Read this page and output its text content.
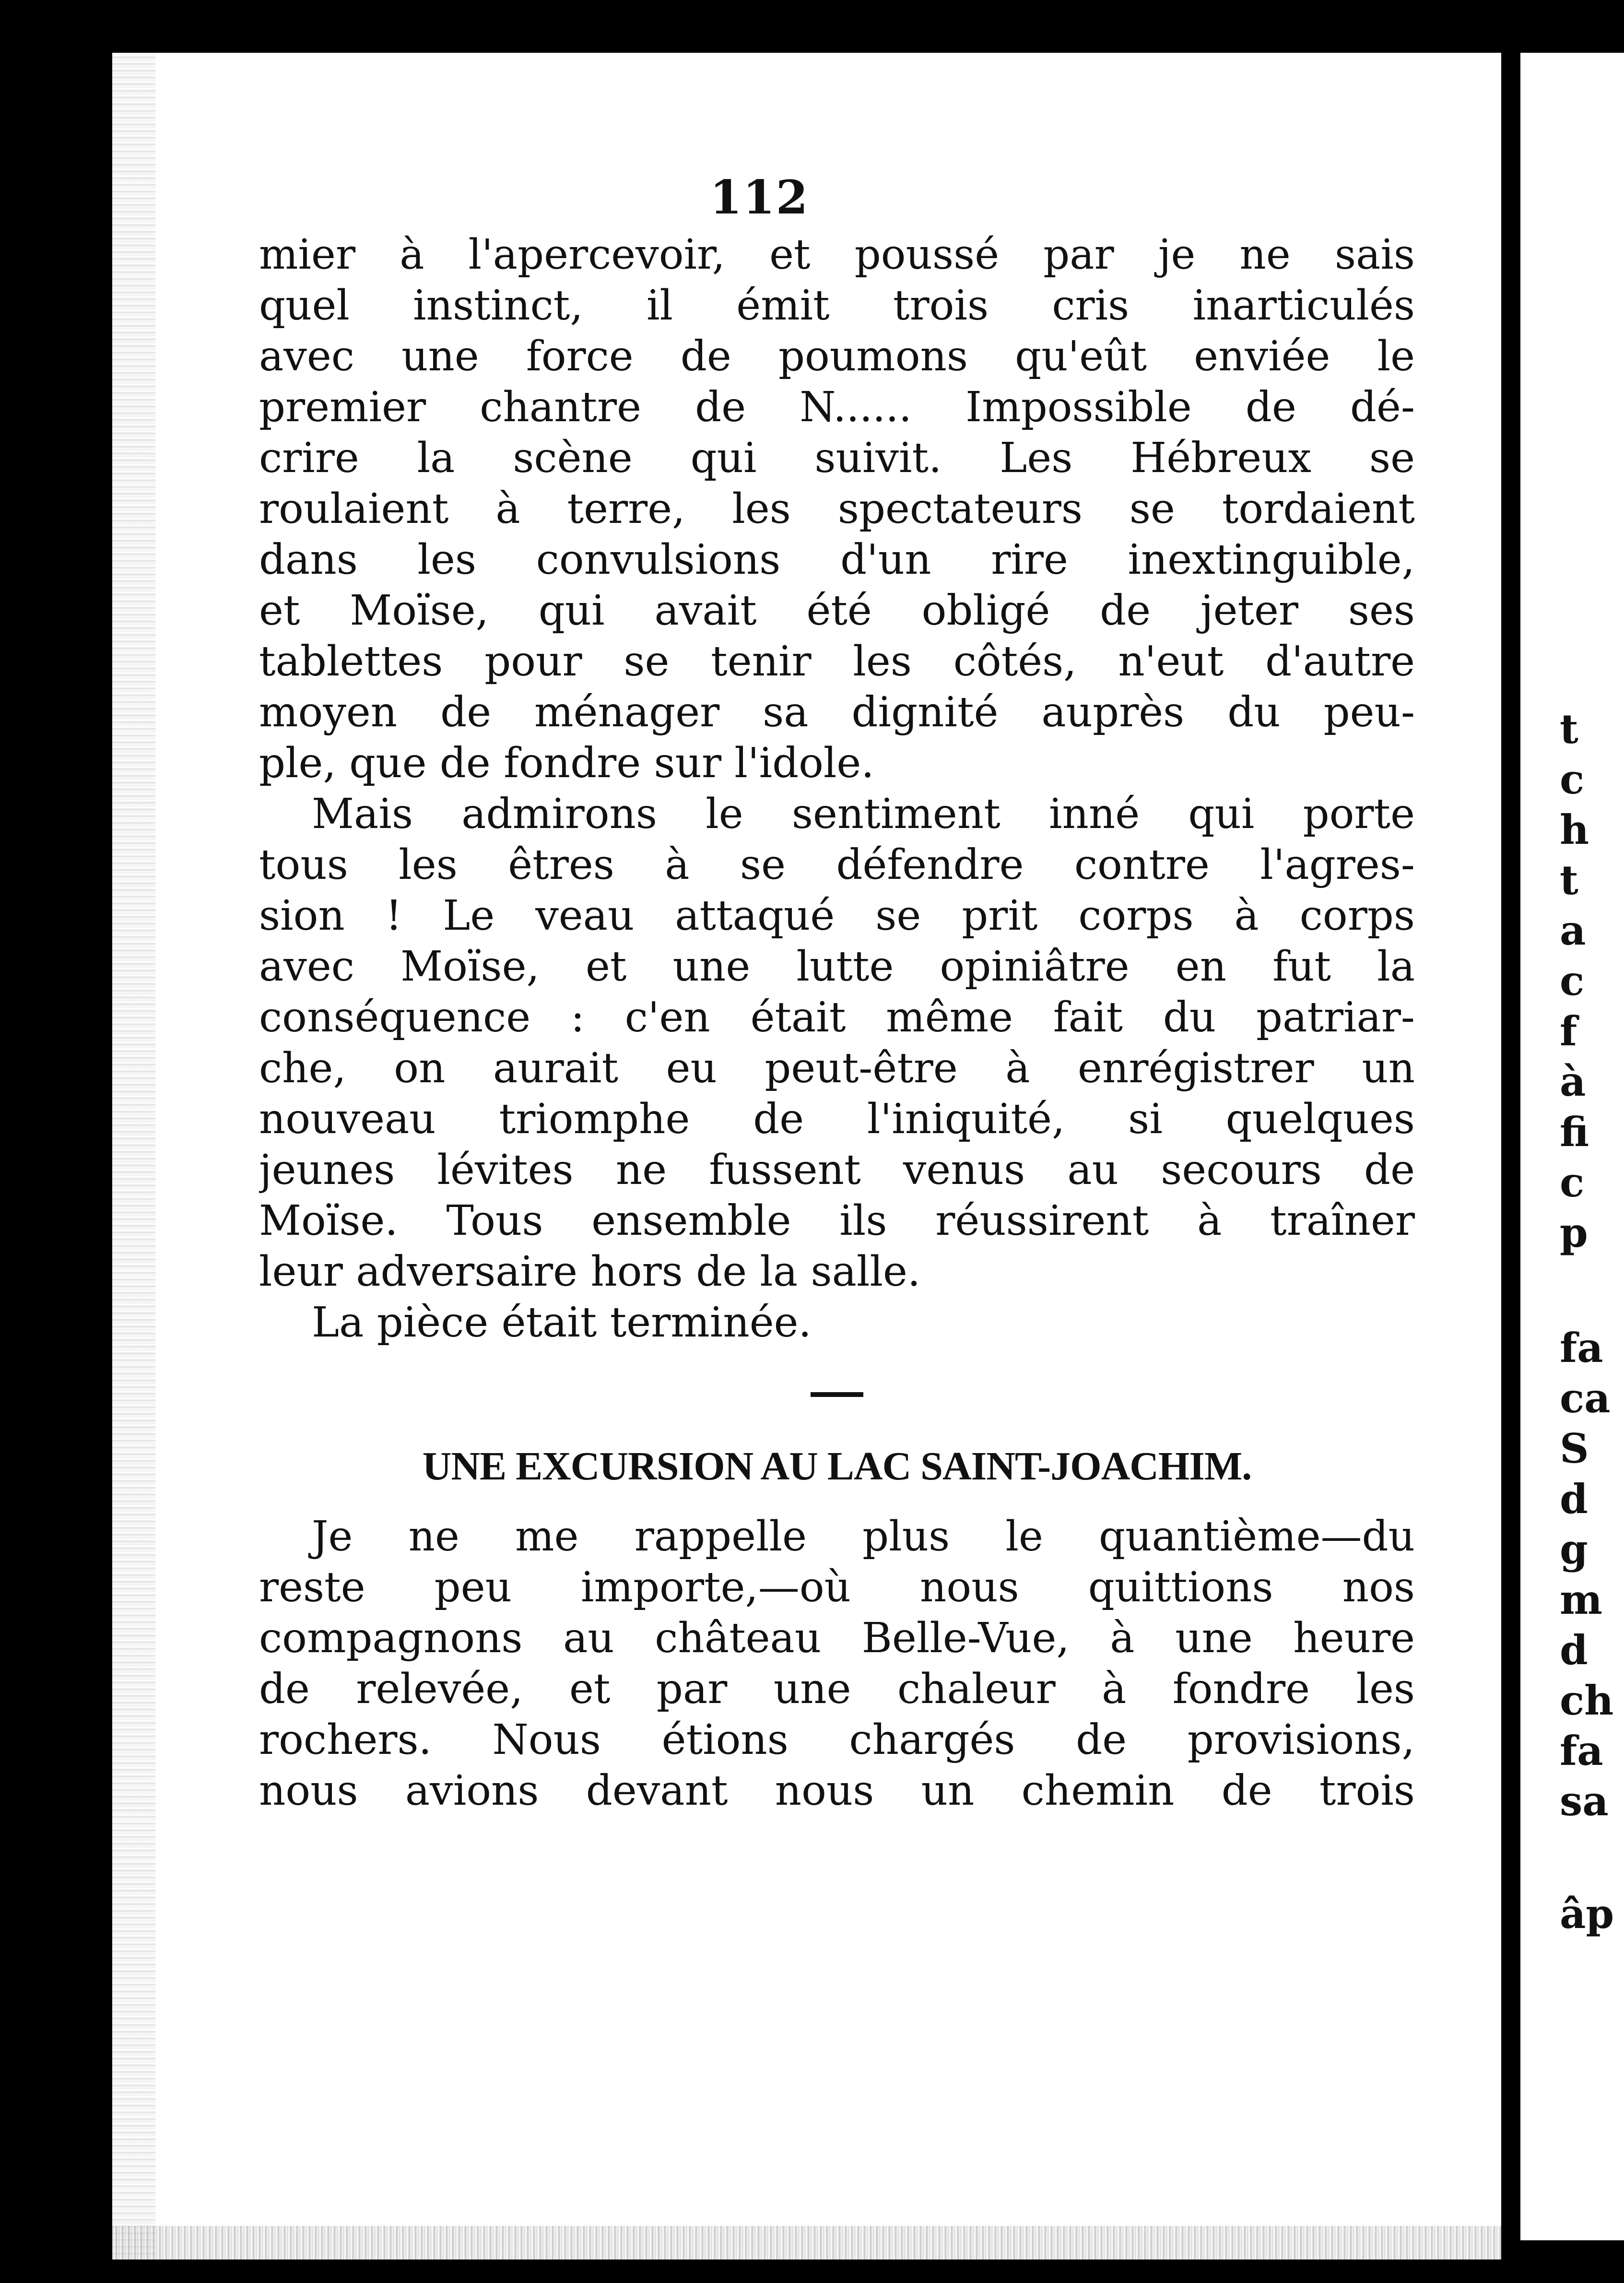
t
c
h
t
a
c
f
à
fi
c
p
fa
ca
S
d
g
m
d
ch
fa
sa
âp
112
mier à l'apercevoir, et poussé par je ne sais
quel instinct, il émit trois cris inarticulés
avec une force de poumons qu'eût enviée le
premier chantre de N...... Impossible de dé-
crire la scène qui suivit. Les Hébreux se
roulaient à terre, les spectateurs se tordaient
dans les convulsions d'un rire inextinguible,
et Moïse, qui avait été obligé de jeter ses
tablettes pour se tenir les côtés, n'eut d'autre
moyen de ménager sa dignité auprès du peu-
ple, que de fondre sur l'idole.
Mais admirons le sentiment inné qui porte
tous les êtres à se défendre contre l'agres-
sion ! Le veau attaqué se prit corps à corps
avec Moïse, et une lutte opiniâtre en fut la
conséquence : c'en était même fait du patriar-
che, on aurait eu peut-être à enrégistrer un
nouveau triomphe de l'iniquité, si quelques
jeunes lévites ne fussent venus au secours de
Moïse. Tous ensemble ils réussirent à traîner
leur adversaire hors de la salle.
La pièce était terminée.
UNE EXCURSION AU LAC SAINT-JOACHIM.
Je ne me rappelle plus le quantième—du
reste peu importe,—où nous quittions nos
compagnons au château Belle-Vue, à une heure
de relevée, et par une chaleur à fondre les
rochers. Nous étions chargés de provisions,
nous avions devant nous un chemin de trois
